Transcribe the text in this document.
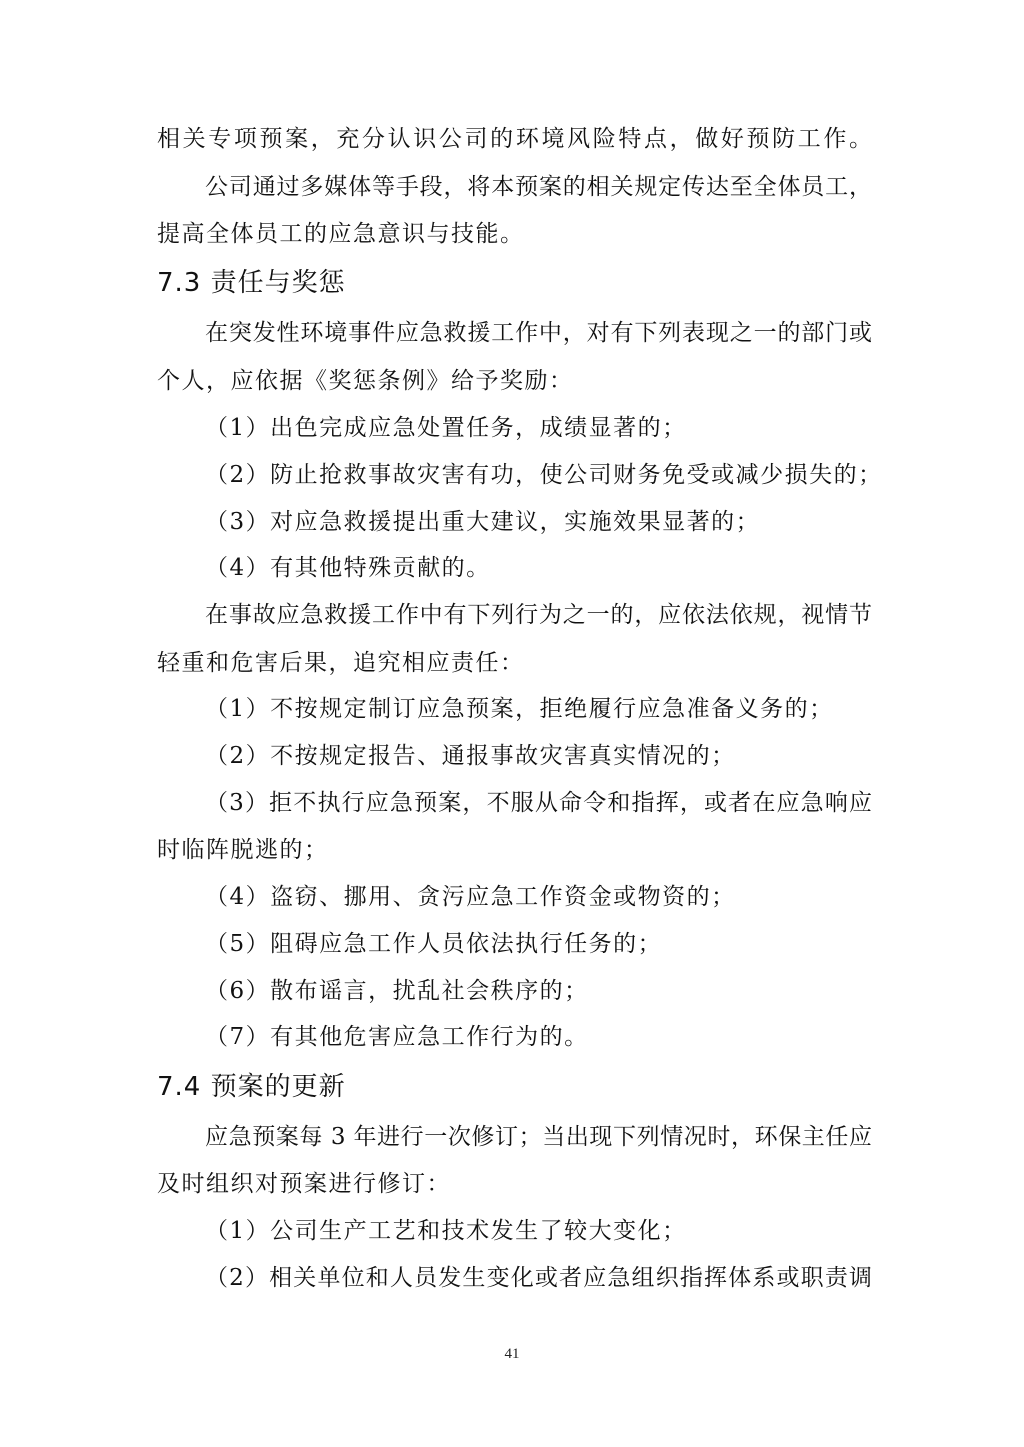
相关专项预案，充分认识公司的环境风险特点，做好预防工作。
公司通过多媒体等手段，将本预案的相关规定传达至全体员工，
提高全体员工的应急意识与技能。
7.3 责任与奖惩
在突发性环境事件应急救援工作中，对有下列表现之一的部门或
个人，应依据《奖惩条例》给予奖励：
（1）出色完成应急处置任务，成绩显著的；
（2）防止抢救事故灾害有功，使公司财务免受或减少损失的；
（3）对应急救援提出重大建议，实施效果显著的；
（4）有其他特殊贡献的。
在事故应急救援工作中有下列行为之一的，应依法依规，视情节
轻重和危害后果，追究相应责任：
（1）不按规定制订应急预案，拒绝履行应急准备义务的；
（2）不按规定报告、通报事故灾害真实情况的；
（3）拒不执行应急预案，不服从命令和指挥，或者在应急响应
时临阵脱逃的；
（4）盗窃、挪用、贪污应急工作资金或物资的；
（5）阻碍应急工作人员依法执行任务的；
（6）散布谣言，扰乱社会秩序的；
（7）有其他危害应急工作行为的。
7.4 预案的更新
应急预案每 3 年进行一次修订；当出现下列情况时，环保主任应
及时组织对预案进行修订：
（1）公司生产工艺和技术发生了较大变化；
（2）相关单位和人员发生变化或者应急组织指挥体系或职责调
41
